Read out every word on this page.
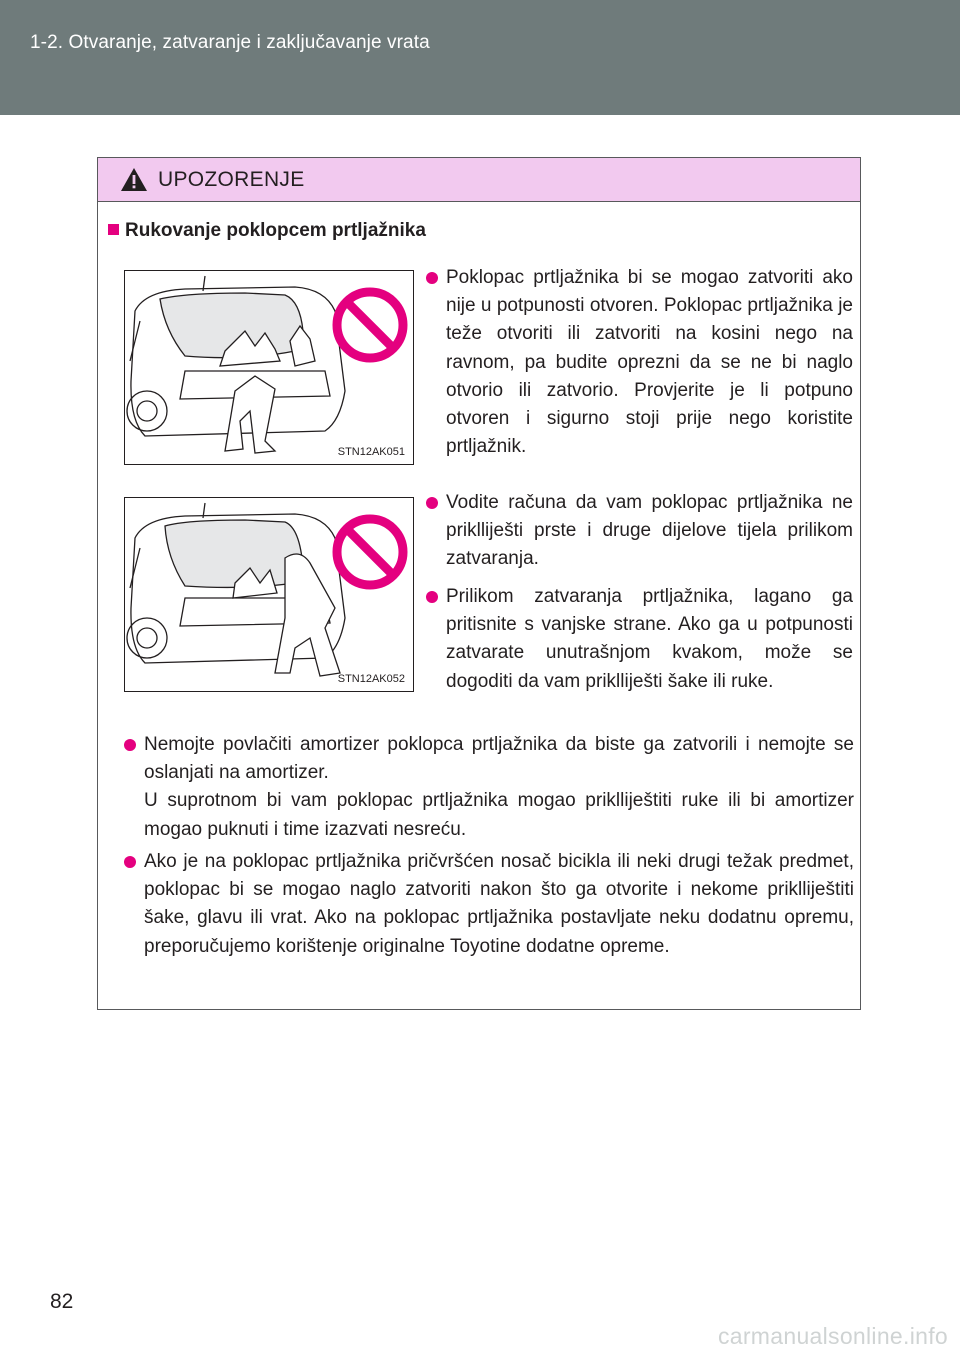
1-2. Otvaranje, zatvaranje i zaključavanje vrata
UPOZORENJE
Rukovanje poklopcem prtljažnika
STN12AK051
STN12AK052
Poklopac prtljažnika bi se mogao zatvoriti ako nije u potpunosti otvoren. Poklopac prtljažnika je teže otvoriti ili zatvoriti na kosini nego na ravnom, pa budite oprezni da se ne bi naglo otvorio ili zatvorio. Provjerite je li potpuno otvoren i sigurno stoji prije nego koristite prtljažnik.
Vodite računa da vam poklopac prtljažnika ne priklliješti prste i druge dijelove tijela prilikom zatvaranja.
Prilikom zatvaranja prtljažnika, lagano ga pritisnite s vanjske strane. Ako ga u potpunosti zatvarate unutrašnjom kvakom, može se dogoditi da vam priklliješti šake ili ruke.
Nemojte povlačiti amortizer poklopca prtljažnika da biste ga zatvorili i nemojte se oslanjati na amortizer.
U suprotnom bi vam poklopac prtljažnika mogao priklliještiti ruke ili bi amortizer mogao puknuti i time izazvati nesreću.
Ako je na poklopac prtljažnika pričvršćen nosač bicikla ili neki drugi težak predmet, poklopac bi se mogao naglo zatvoriti nakon što ga otvorite i nekome priklliještiti šake, glavu ili vrat. Ako na poklopac prtljažnika postavljate neku dodatnu opremu, preporučujemo korištenje originalne Toyotine dodatne opreme.
82
carmanualsonline.info
